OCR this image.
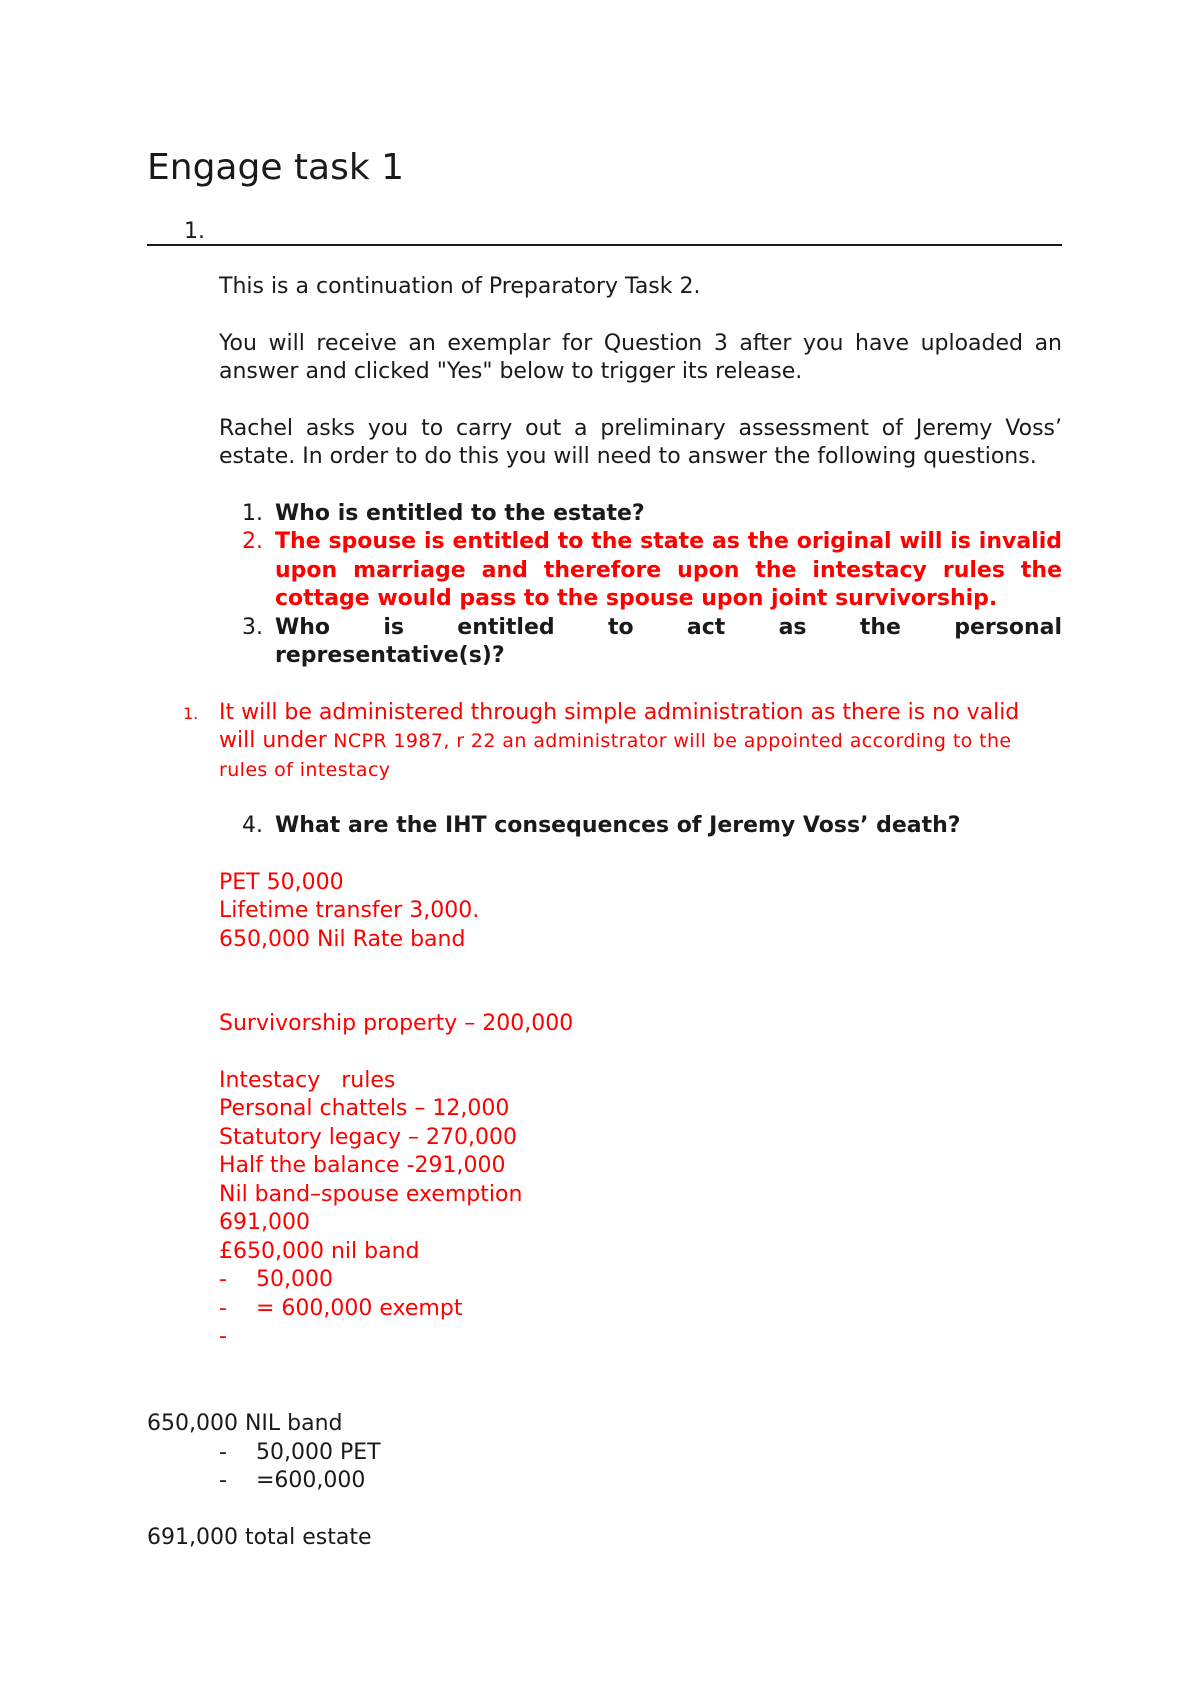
Engage task 1
1.

This is a continuation of Preparatory Task 2.

You will receive an exemplar for Question 3 after you have uploaded an answer and clicked "Yes" below to trigger its release.

Rachel asks you to carry out a preliminary assessment of Jeremy Voss’ estate. In order to do this you will need to answer the following questions.

1. Who is entitled to the estate?
2. The spouse is entitled to the state as the original will is invalid upon marriage and therefore upon the intestacy rules the cottage would pass to the spouse upon joint survivorship.
3. Who is entitled to act as the personal
representative(s)?
1. It will be administered through simple administration as there is no valid will under NCPR 1987, r 22 an administrator will be appointed according to the rules of intestacy

4. What are the IHT consequences of Jeremy Voss’ death?
PET 50,000
Lifetime transfer 3,000.
650,000 Nil Rate band
Survivorship property – 200,000
Intestacy   rules
Personal chattels – 12,000
Statutory legacy – 270,000
Half the balance -291,000
Nil band–spouse exemption
691,000
£650,000 nil band
-	50,000
-	= 600,000 exempt
-
650,000 NIL band
-	50,000 PET
-	=600,000
691,000 total estate
